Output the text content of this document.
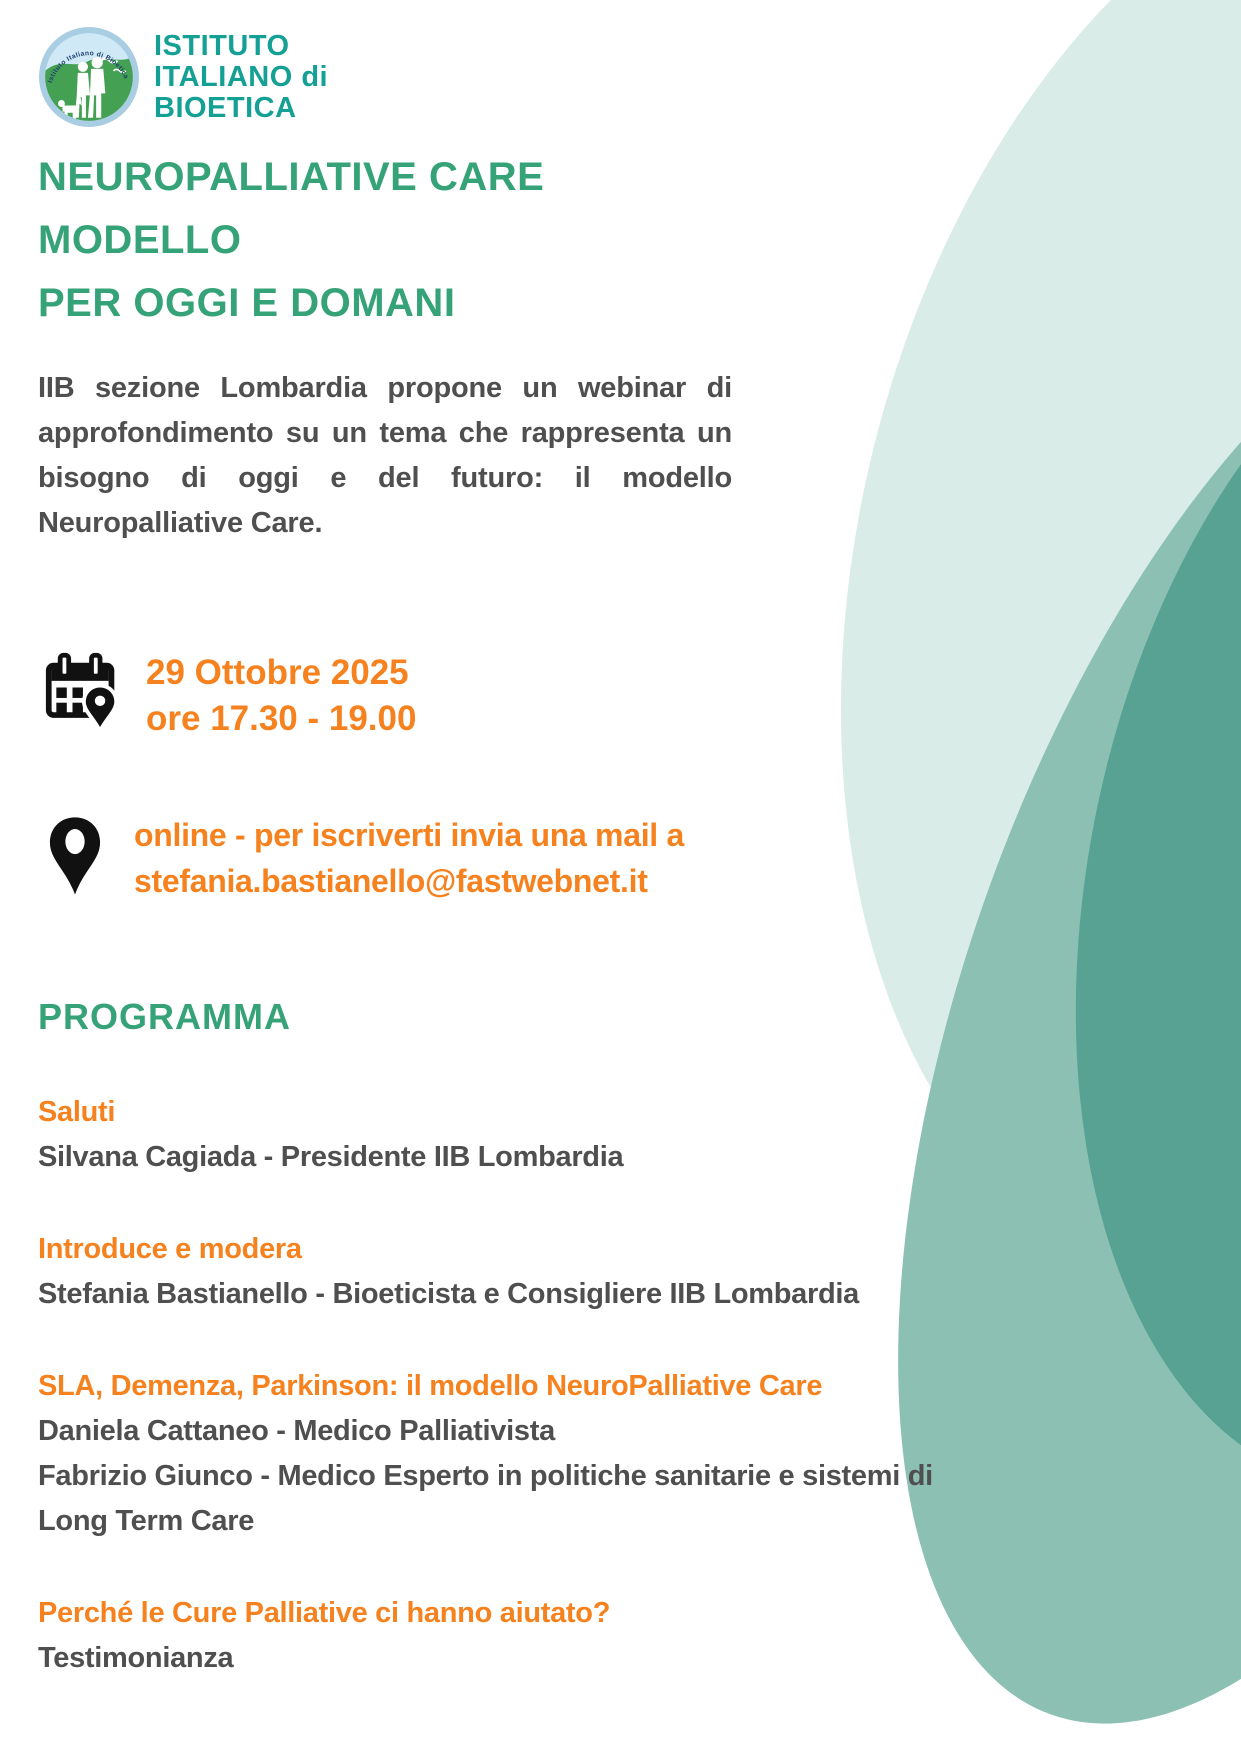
Istituto Italiano di Bioetica
ISTITUTO
ITALIANO di
BIOETICA
NEUROPALLIATIVE CARE
MODELLO
PER OGGI E DOMANI
IIB sezione Lombardia propone un webinar di approfondimento su un tema che rappresenta un bisogno di oggi e del futuro: il modello Neuropalliative Care.
29 Ottobre 2025
ore 17.30 - 19.00
online - per iscriverti invia una mail a
stefania.bastianello@fastwebnet.it
PROGRAMMA
Saluti
Silvana Cagiada - Presidente IIB Lombardia
Introduce e modera
Stefania Bastianello - Bioeticista e Consigliere IIB Lombardia
SLA, Demenza, Parkinson: il modello NeuroPalliative Care
Daniela Cattaneo - Medico Palliativista
Fabrizio Giunco - Medico Esperto in politiche sanitarie e sistemi di
Long Term Care
Perché le Cure Palliative ci hanno aiutato?
Testimonianza
